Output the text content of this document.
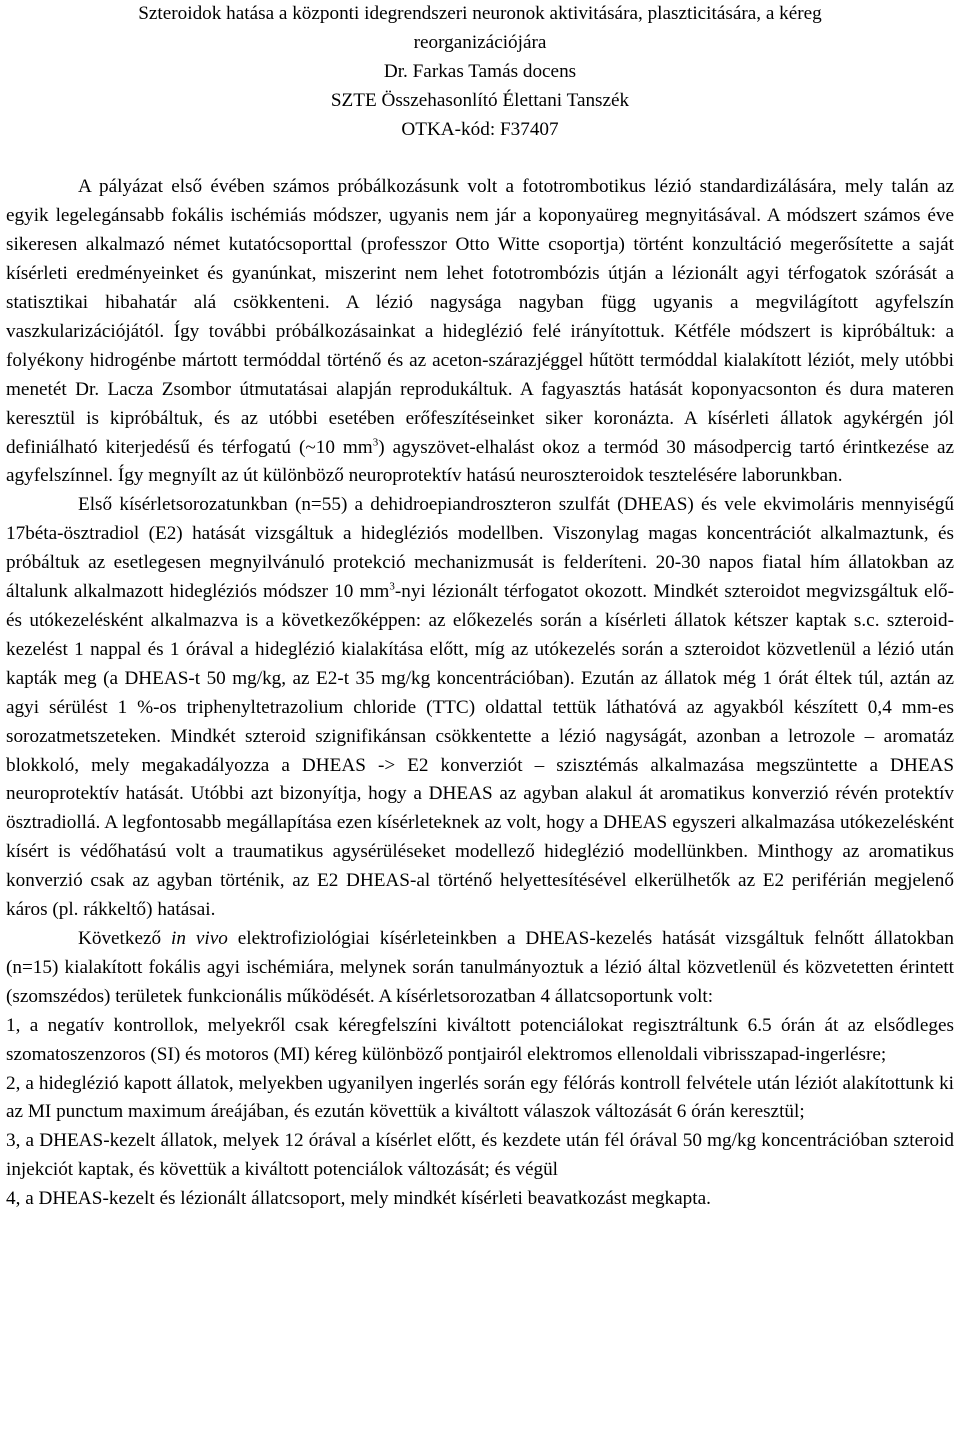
Szteroidok hatása a központi idegrendszeri neuronok aktivitására, plaszticitására, a kéreg
reorganizációjára
Dr. Farkas Tamás docens
SZTE Összehasonlító Élettani Tanszék
OTKA-kód: F37407

A pályázat első évében számos próbálkozásunk volt a fototrombotikus lézió standardizálására, mely talán az egyik legelegánsabb fokális ischémiás módszer, ugyanis nem jár a koponyaüreg megnyitásával. A módszert számos éve sikeresen alkalmazó német kutatócsoporttal (professzor Otto Witte csoportja) történt konzultáció megerősítette a saját kísérleti eredményeinket és gyanúnkat, miszerint nem lehet fototrombózis útján a lézionált agyi térfogatok szórását a statisztikai hibahatár alá csökkenteni. A lézió nagysága nagyban függ ugyanis a megvilágított agyfelszín vaszkularizációjától. Így további próbálkozásainkat a hideglézió felé irányítottuk. Kétféle módszert is kipróbáltuk: a folyékony hidrogénbe mártott termóddal történő és az aceton-szárazjéggel hűtött termóddal kialakított léziót, mely utóbbi menetét Dr. Lacza Zsombor útmutatásai alapján reprodukáltuk. A fagyasztás hatását koponyacsonton és dura materen keresztül is kipróbáltuk, és az utóbbi esetében erőfeszítéseinket siker koronázta. A kísérleti állatok agykérgén jól definiálható kiterjedésű és térfogatú (~10 $mm^3$) agyszövet-elhalást okoz a termód 30 másodpercig tartó érintkezése az agyfelszínnel. Így megnyílt az út különböző neuroprotektív hatású neuroszteroidok tesztelésére laborunkban.

Első kísérletsorozatunkban (n=55) a dehidroepiandroszteron szulfát (DHEAS) és vele ekvimoláris mennyiségű 17béta-ösztradiol (E2) hatását vizsgáltuk a hidegléziós modellben. Viszonylag magas koncentrációt alkalmaztunk, és próbáltuk az esetlegesen megnyilvánuló protekció mechanizmusát is felderíteni. 20-30 napos fiatal hím állatokban az általunk alkalmazott hidegléziós módszer 10 $mm^3$-nyi lézionált térfogatot okozott. Mindkét szteroidot megvizsgáltuk elő- és utókezelésként alkalmazva is a következőképpen: az előkezelés során a kísérleti állatok kétszer kaptak s.c. szteroid-kezelést 1 nappal és 1 órával a hideglézió kialakítása előtt, míg az utókezelés során a szteroidot közvetlenül a lézió után kapták meg (a DHEAS-t 50 mg/kg, az E2-t 35 mg/kg koncentrációban). Ezután az állatok még 1 órát éltek túl, aztán az agyi sérülést 1 %-os triphenyltetrazolium chloride (TTC) oldattal tettük láthatóvá az agyakból készített 0,4 mm-es sorozatmetszeteken. Mindkét szteroid szignifikánsan csökkentette a lézió nagyságát, azonban a letrozole – aromatáz blokkoló, mely megakadályozza a DHEAS -> E2 konverziót – szisztémás alkalmazása megszüntette a DHEAS neuroprotektív hatását. Utóbbi azt bizonyítja, hogy a DHEAS az agyban alakul át aromatikus konverzió révén protektív ösztradiollá. A legfontosabb megállapítása ezen kísérleteknek az volt, hogy a DHEAS egyszeri alkalmazása utókezelésként kísért is védőhatású volt a traumatikus agysérüléseket modellező hideglézió modellünkben. Minthogy az aromatikus konverzió csak az agyban történik, az E2 DHEAS-al történő helyettesítésével elkerülhetők az E2 periférián megjelenő káros (pl. rákkeltő) hatásai.

Következő in vivo elektrofiziológiai kísérleteinkben a DHEAS-kezelés hatását vizsgáltuk felnőtt állatokban (n=15) kialakított fokális agyi ischémiára, melynek során tanulmányoztuk a lézió által közvetlenül és közvetetten érintett (szomszédos) területek funkcionális működését. A kísérletsorozatban 4 állatcsoportunk volt:

1, a negatív kontrollok, melyekről csak kéregfelszíni kiváltott potenciálokat regisztráltunk 6.5 órán át az elsődleges szomatoszenzoros (SI) és motoros (MI) kéreg különböző pontjairól elektromos ellenoldali vibrisszapad-ingerlésre;

2, a hideglézió kapott állatok, melyekben ugyanilyen ingerlés során egy félórás kontroll felvétele után léziót alakítottunk ki az MI punctum maximum áreájában, és ezután követtük a kiváltott válaszok változását 6 órán keresztül;

3, a DHEAS-kezelt állatok, melyek 12 órával a kísérlet előtt, és kezdete után fél órával 50 mg/kg koncentrációban szteroid injekciót kaptak, és követtük a kiváltott potenciálok változását; és végül

4, a DHEAS-kezelt és lézionált állatcsoport, mely mindkét kísérleti beavatkozást megkapta.
